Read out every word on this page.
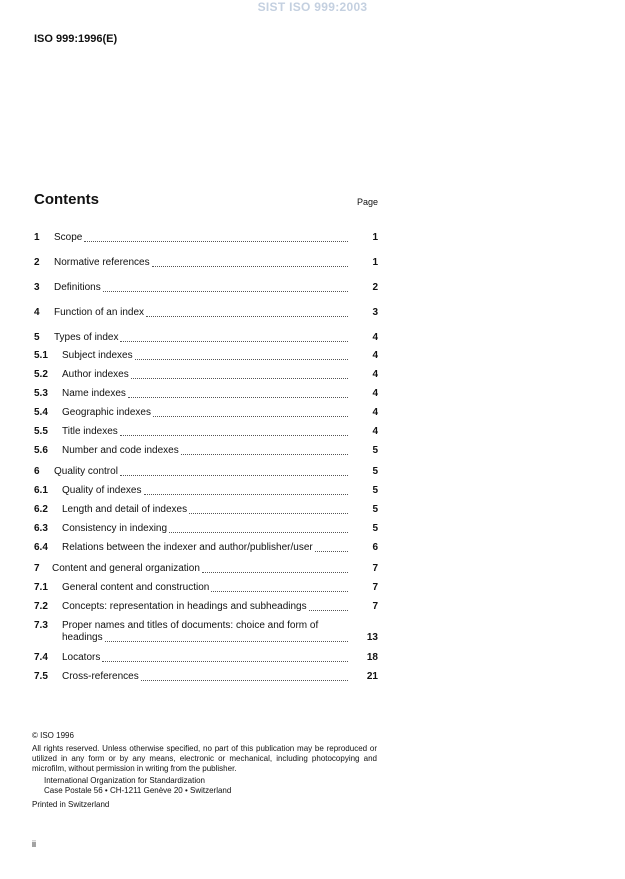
SIST ISO 999:2003
ISO 999:1996(E)
Contents	Page
1	Scope	1
2	Normative references	1
3	Definitions	2
4	Function of an index	3
5	Types of index	4
5.1	Subject indexes	4
5.2	Author indexes	4
5.3	Name indexes	4
5.4	Geographic indexes	4
5.5	Title indexes	4
5.6	Number and code indexes	5
6	Quality control	5
6.1	Quality of indexes	5
6.2	Length and detail of indexes	5
6.3	Consistency in indexing	5
6.4	Relations between the indexer and author/publisher/user	6
7	Content and general organization	7
7.1	General content and construction	7
7.2	Concepts: representation in headings and subheadings	7
7.3	Proper names and titles of documents: choice and form of
headings	13
7.4	Locators	18
7.5	Cross-references	21
© ISO 1996
All rights reserved. Unless otherwise specified, no part of this publication may be reproduced or utilized in any form or by any means, electronic or mechanical, including photocopying and microfilm, without permission in writing from the publisher.
International Organization for Standardization
Case Postale 56 • CH-1211 Genève 20 • Switzerland
Printed in Switzerland
ii
